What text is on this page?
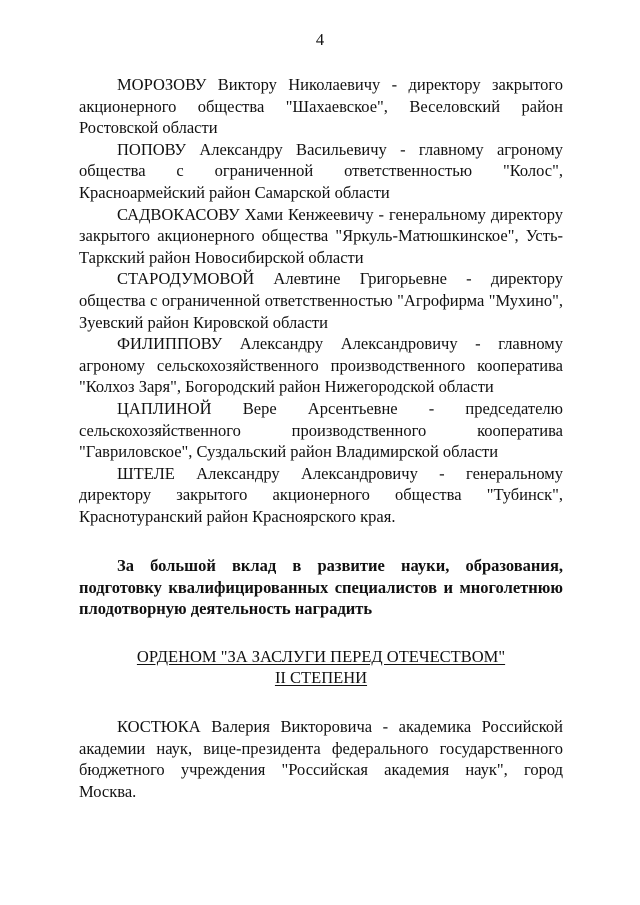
4

МОРОЗОВУ Виктору Николаевичу - директору закрытого акционерного общества "Шахаевское", Веселовский район Ростовской области

ПОПОВУ Александру Васильевичу - главному агроному общества с ограниченной ответственностью "Колос", Красноармейский район Самарской области

САДВОКАСОВУ Хами Кенжеевичу - генеральному директору закрытого акционерного общества "Яркуль-Матюшкинское", Усть-Таркский район Новосибирской области

СТАРОДУМОВОЙ Алевтине Григорьевне - директору общества с ограниченной ответственностью "Агрофирма "Мухино", Зуевский район Кировской области

ФИЛИППОВУ Александру Александровичу - главному агроному сельскохозяйственного производственного кооператива "Колхоз Заря", Богородский район Нижегородской области

ЦАПЛИНОЙ Вере Арсентьевне - председателю сельскохозяйственного производственного кооператива "Гавриловское", Суздальский район Владимирской области

ШТЕЛЕ Александру Александровичу - генеральному директору закрытого акционерного общества "Тубинск", Краснотуранский район Красноярского края.

За большой вклад в развитие науки, образования, подготовку квалифицированных специалистов и многолетнюю плодотворную деятельность наградить

ОРДЕНОМ "ЗА ЗАСЛУГИ ПЕРЕД ОТЕЧЕСТВОМ"
II СТЕПЕНИ

КОСТЮКА Валерия Викторовича - академика Российской академии наук, вице-президента федерального государственного бюджетного учреждения "Российская академия наук", город Москва.
